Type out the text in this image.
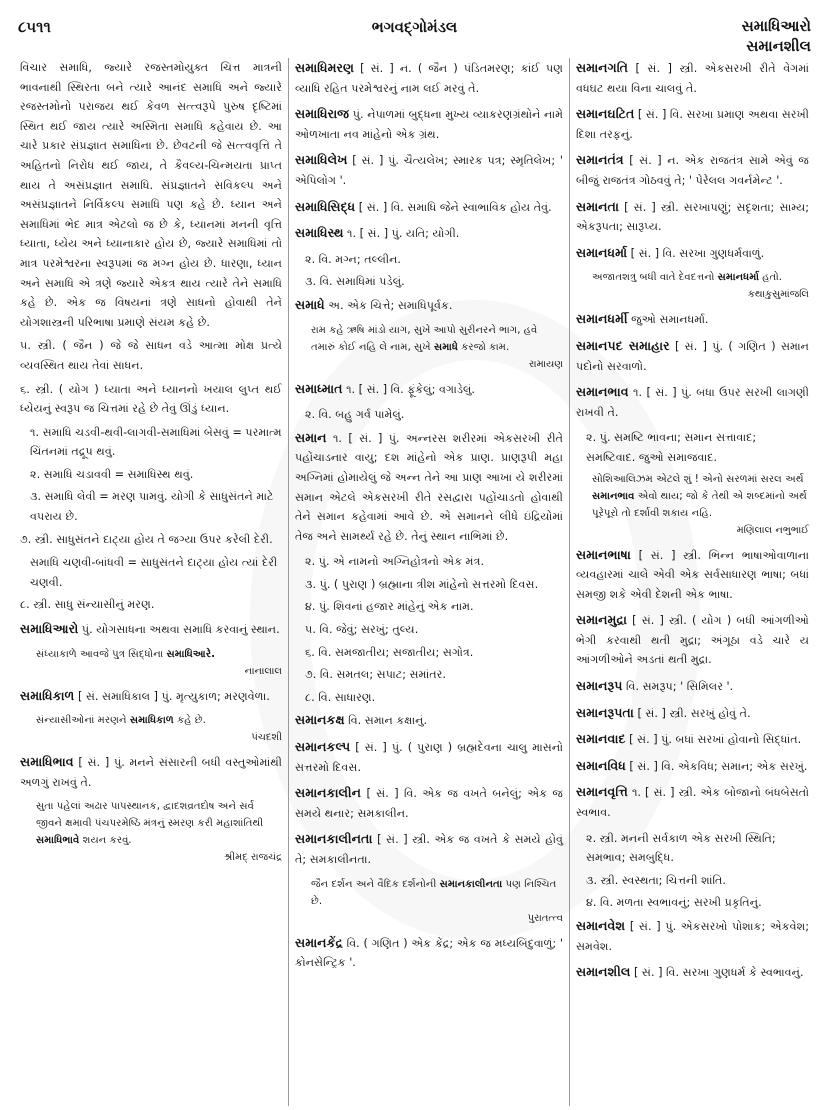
૮૫૧૧	ભગવદ્ગોમંડલ	સમાધિઆરો
સમાનશીલ
વિચાર સમાધિ, જ્યારે રજસ્તમોયુક્ત ચિત્ત માત્રની ભાવનાથી સ્થિરતા બને ત્યારે આનંદ સમાધિ અને જ્યારે રજસ્તમોનો પરાજય થઈ કેવળ સત્ત્વરૂપે પુરુષ દૃષ્ટિમાં સ્થિત થઈ જાય ત્યારે અસ્મિતા સમાધિ કહેવાય છે. આ ચારે પ્રકાર સંપ્રજ્ઞાત સમાધિના છે. છેવટની જે સત્ત્વવૃત્તિ તે અહિતનો નિરોધ થઈ જાય, તે કૈવલ્ય-ચિન્મયતા પ્રાપ્ત થાય તે અસંપ્રજ્ઞાત સમાધિ. સંપ્રજ્ઞાતને સવિકલ્પ અને અસંપ્રજ્ઞાતને નિર્વિકલ્પ સમાધિ પણ કહે છે. ધ્યાન અને સમાધિમાં ભેદ માત્ર એટલો જ છે કે, ધ્યાનમાં મનની વૃત્તિ ધ્યાતા, ધ્યેય અને ધ્યાનાકાર હોય છે, જ્યારે સમાધિમાં તો માત્ર પરમેશ્વરના સ્વરૂપમાં જ મગ્ન હોય છે. ધારણા, ધ્યાન અને સમાધિ એ ત્રણે જ્યારે એકત્ર થાય ત્યારે તેને સમાધિ કહે છે. એક જ વિષયનાં ત્રણે સાધનો હોવાથી તેને યોગશાસ્ત્રની પરિભાષા પ્રમાણે સંયમ કહે છે.
૫. સ્ત્રી. ( જૈન ) જે જે સાધન વડે આત્મા મોક્ષ પ્રત્યે વ્યવસ્થિત થાય તેવાં સાધન.
૬. સ્ત્રી. ( યોગ ) ધ્યાતા અને ધ્યાનનો ખયાલ લુપ્ત થઈ ધ્યેયનું સ્વરૂપ જ ચિત્તમાં રહે છે તેવું ઊંડું ધ્યાન.
૧. સમાધિ ચડવી-થવી-લાગવી-સમાધિમાં બેસવું = પરમાત્મ ચિંતનમાં તદ્રૂપ થવું.
૨. સમાધિ ચડાવવી = સમાધિસ્થ થવું.
૩. સમાધિ લેવી = મરણ પામવું. યોગી કે સાધુસંતને માટે વપરાય છે.
૭. સ્ત્રી. સાધુસંતને દાટ્યા હોય તે જગ્યા ઉપર કરેલી દેરી.
સમાધિ ચણવી-બાંધવી = સાધુસંતને દાટ્યા હોય ત્યાં દેરી ચણવી.
૮. સ્ત્રી. સાધુ સંન્યાસીનું મરણ.
સમાધિઆરો પું. યોગસાધના અથવા સમાધિ કરવાનું સ્થાન.
સંધ્યાકાળે આવજે પુત્ર સિદ્ધોના સમાધિઆરે.
નાનાલાલ
સમાધિકાળ [ સં. સમાધિકાલ ] પું. મૃત્યુકાળ; મરણવેળા.
સંન્યાસીઓનાં મરણને સમાધિકાળ કહે છે.
પંચદશી
સમાધિભાવ [ સં. ] પું. મનને સંસારની બધી વસ્તુઓમાંથી અળગું રાખવું તે.
સુતા પહેલાં અઢાર પાપસ્થાનક, દ્વાદશવ્રતદોષ અને સર્વ જીવને ક્ષમાવી પંચપરમેષ્ઠિ મંત્રનું સ્મરણ કરી મહાશાંતિથી સમાધિભાવે શયન કરવું.
શ્રીમદ્ રાજચંદ્ર
સમાધિમરણ [ સં. ] ન. ( જૈન ) પંડિતમરણ; કાંઈ પણ વ્યાધિ રહિત પરમેશ્વરનું નામ લઈ મરવું તે.
સમાધિરાજ પું. નેપાળમાં બુદ્ધના મુખ્ય વ્યાકરણગ્રંથોને નામે ઓળખાતા નવ માંહેનો એક ગ્રંથ.
સમાધિલેખ [ સં. ] પું. ચૈત્યલેખ; સ્મારક પત્ર; સ્મૃતિલેખ; ' એપિલોગ '.
સમાધિસિદ્ધ [ સં. ] વિ. સમાધિ જેને સ્વાભાવિક હોય તેવું.
સમાધિસ્થ ૧. [ સં. ] પું. યતિ; યોગી.
૨. વિ. મગ્ન; તલ્લીન.
૩. વિ. સમાધિમાં પડેલું.
સમાધે અ. એક ચિત્તે; સમાધિપૂર્વક.
રામ કહે ઋષિ માંડો યાગ, સુખે આપો સુરીનરને ભાગ, હવે તમારું કોઈ નહિ લે નામ, સુખે સમાધે કરજો કામ.
રામાયણ
સમાધ્માત ૧. [ સં. ] વિ. ફૂંકેલું; વગાડેલું.
૨. વિ. બહુ ગર્વ પામેલું.
સમાન ૧. [ સં. ] પું. અન્નરસ શરીરમાં એકસરખી રીતે પહોંચાડનાર વાયુ; દશ માંહેનો એક પ્રાણ. પ્રાણરૂપી મહા અગ્નિમાં હોમાયેલું જે અન્ન તેને આ પ્રાણ આખા યે શરીરમાં સમાન એટલે એકસરખી રીતે રસદ્વારા પહોંચાડતો હોવાથી તેને સમાન કહેવામાં આવે છે. એ સમાનને લીધે ઇંદ્રિયોમાં તેજ અને સામર્થ્ય રહે છે. તેનું સ્થાન નાભિમાં છે.
૨. પું. એ નામનો અગ્નિહોત્રનો એક મંત્ર.
૩. પું. ( પુરાણ ) બ્રહ્માના ત્રીશ માંહેનો સત્તરમો દિવસ.
૪. પું. શિવનાં હજાર માંહેનું એક નામ.
૫. વિ. જેવું; સરખું; તુલ્ય.
૬. વિ. સમજાતીય; સજાતીય; સગોત્ર.
૭. વિ. સમતલ; સપાટ; સમાંતર.
૮. વિ. સાધારણ.
સમાનકક્ષ વિ. સમાન કક્ષાનું.
સમાનકલ્પ [ સં. ] પું. ( પુરાણ ) બ્રહ્મદેવના ચાલુ માસનો સત્તરમો દિવસ.
સમાનકાલીન [ સં. ] વિ. એક જ વખતે બનેલું; એક જ સમયે થનાર; સમકાલીન.
સમાનકાલીનતા [ સં. ] સ્ત્રી. એક જ વખતે કે સમયે હોવું તે; સમકાલીનતા.
જૈન દર્શન અને વૈદિક દર્શનોની સમાનકાલીનતા પણ નિશ્ચિત છે.
પુરાતત્ત્વ
સમાનકેંદ્ર વિ. ( ગણિત ) એક કેંદ્ર; એક જ મધ્યબિંદુવાળું; ' કોનસેન્ટ્રિક '.
સમાનગતિ [ સં. ] સ્ત્રી. એકસરખી રીતે વેગમાં વધઘટ થયા વિના ચાલવું તે.
સમાનઘટિત [ સં. ] વિ. સરખા પ્રમાણ અથવા સરખી દિશા તરફનું.
સમાનતંત્ર [ સં. ] ન. એક રાજતંત્ર સામે એવું જ બીજું રાજતંત્ર ગોઠવવું તે; ' પેરેલલ ગવર્નમેન્ટ '.
સમાનતા [ સં. ] સ્ત્રી. સરખાપણું; સદૃશતા; સામ્ય; એકરૂપતા; સારૂપ્ય.
સમાનધર્મા [ સં. ] વિ. સરખા ગુણધર્મવાળું.
અજાતશત્રુ બધી વાતે દેવદત્તનો સમાનધર્મા હતો.
કથાકુસુમાંજલિ
સમાનધર્મી જુઓ સમાનધર્મા.
સમાનપદ સમાહાર [ સં. ] પું. ( ગણિત ) સમાન પદોનો સરવાળો.
સમાનભાવ ૧. [ સં. ] પું. બધા ઉપર સરખી લાગણી રાખવી તે.
૨. પું. સમષ્ટિ ભાવના; સમાન સત્તાવાદ; સમષ્ટિવાદ. જુઓ સમાજવાદ.
સોશિઆલિઝમ એટલે શું ! એનો સરળમાં સરલ અર્થ સમાનભાવ એવો થાય; જો કે તેથી એ શબ્દમાંનો અર્થ પૂરેપૂરો તો દર્શાવી શકાય નહિ.
મણિલાલ નભુભાઈ
સમાનભાષા [ સં. ] સ્ત્રી. ભિન્ન ભાષાઓવાળાના વ્યવહારમાં ચાલે એવી એક સર્વસાધારણ ભાષા; બધાં સમજી શકે એવી દેશની એક ભાષા.
સમાનમુદ્રા [ સં. ] સ્ત્રી. ( યોગ ) બધી આંગળીઓ ભેગી કરવાથી થતી મુદ્રા; અંગૂઠા વડે ચારે ય આંગળીઓને અડતાં થતી મુદ્રા.
સમાનરૂપ વિ. સમરૂપ; ' સિમિલર '.
સમાનરૂપતા [ સં. ] સ્ત્રી. સરખું હોવું તે.
સમાનવાદ [ સં. ] પું. બધાં સરખાં હોવાનો સિદ્ધાંત.
સમાનવિધ [ સં. ] વિ. એકવિધ; સમાન; એક સરખું.
સમાનવૃત્તિ ૧. [ સં. ] સ્ત્રી. એક બોજાનો બંધબેસતો સ્વભાવ.
૨. સ્ત્રી. મનની સર્વકાળ એક સરખી સ્થિતિ; સમભાવ; સમબુદ્ધિ.
૩. સ્ત્રી. સ્વસ્થતા; ચિત્તની શાંતિ.
૪. વિ. મળતા સ્વભાવનું; સરખી પ્રકૃતિનું.
સમાનવેશ [ સં. ] પું. એકસરખો પોશાક; એકવેશ; સમવેશ.
સમાનશીલ [ સં. ] વિ. સરખા ગુણધર્મ કે સ્વભાવનું.
